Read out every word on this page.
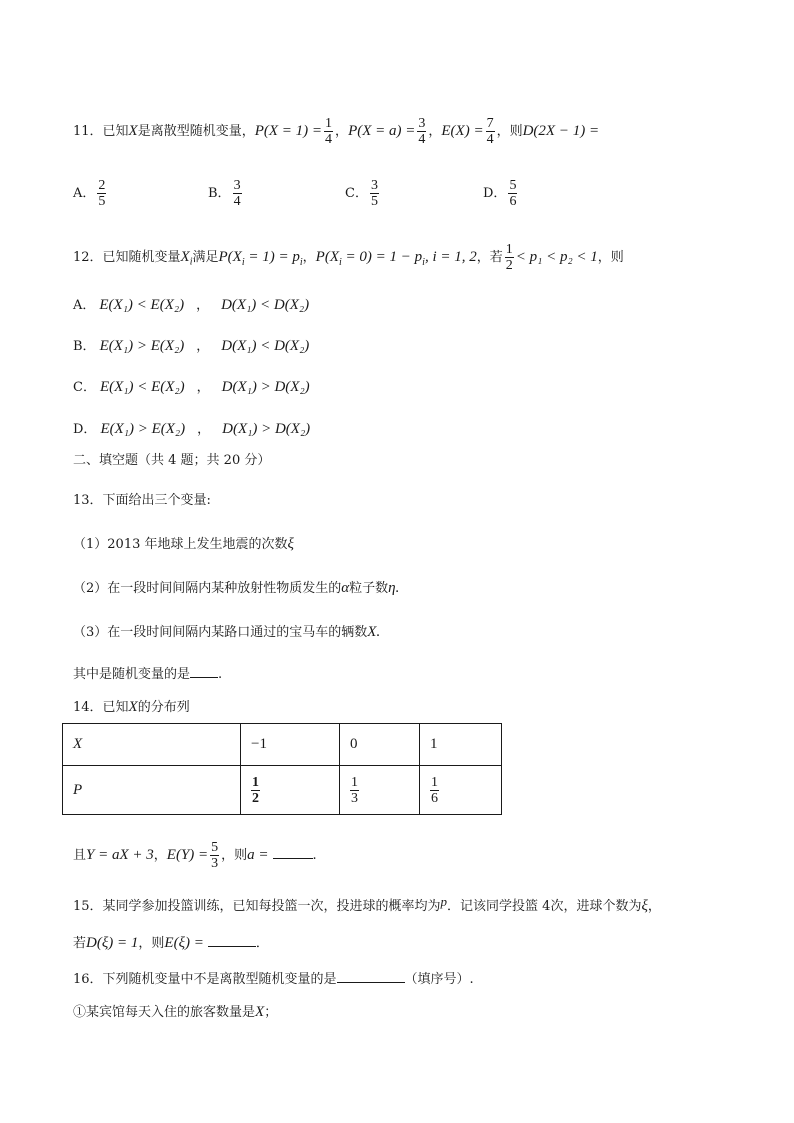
11．已知X是离散型随机变量，$P(X = 1) = \frac{1}{4}$ ，$P(X = a) = \frac{3}{4}$ ，$E(X) = \frac{7}{4}$ ，则D(2X − 1) =
A． $\frac{2}{5}$	B． $\frac{3}{4}$	C． $\frac{3}{5}$	D． $\frac{5}{6}$
12．已知随机变量$X_i$满足$P(X_i = 1) = p_i$，$P(X_i = 0) = 1 - p_i$, i = 1, 2，若 $\frac{1}{2} < p_1 < p_2 < 1$，则
A． E(X₁) < E(X₂) ， D(X₁) < D(X₂)
B． E(X₁) > E(X₂) ， D(X₁) < D(X₂)
C． E(X₁) < E(X₂) ， D(X₁) > D(X₂)
D． E(X₁) > E(X₂) ， D(X₁) > D(X₂)
二、填空题（共 4 题；共 20 分）
13．下面给出三个变量:
（1）2013 年地球上发生地震的次数ξ
（2）在一段时间间隔内某种放射性物质发生的α粒子数η.
（3）在一段时间间隔内某路口通过的宝马车的辆数X.
其中是随机变量的是 .
14．已知X的分布列
X	−1	0	1
P	$\frac{1}{2}$	$\frac{1}{3}$	$\frac{1}{6}$
且Y = aX + 3，$E(Y) = \frac{5}{3}$ ，则a =	.
15．某同学参加投篮训练，已知每投篮一次，投进球的概率均为p．记该同学投篮 4次，进球个数为ξ，
若D(ξ) = 1，则E(ξ) =	．
16．下列随机变量中不是离散型随机变量的是	（填序号）.
①某宾馆每天入住的旅客数量是X；
